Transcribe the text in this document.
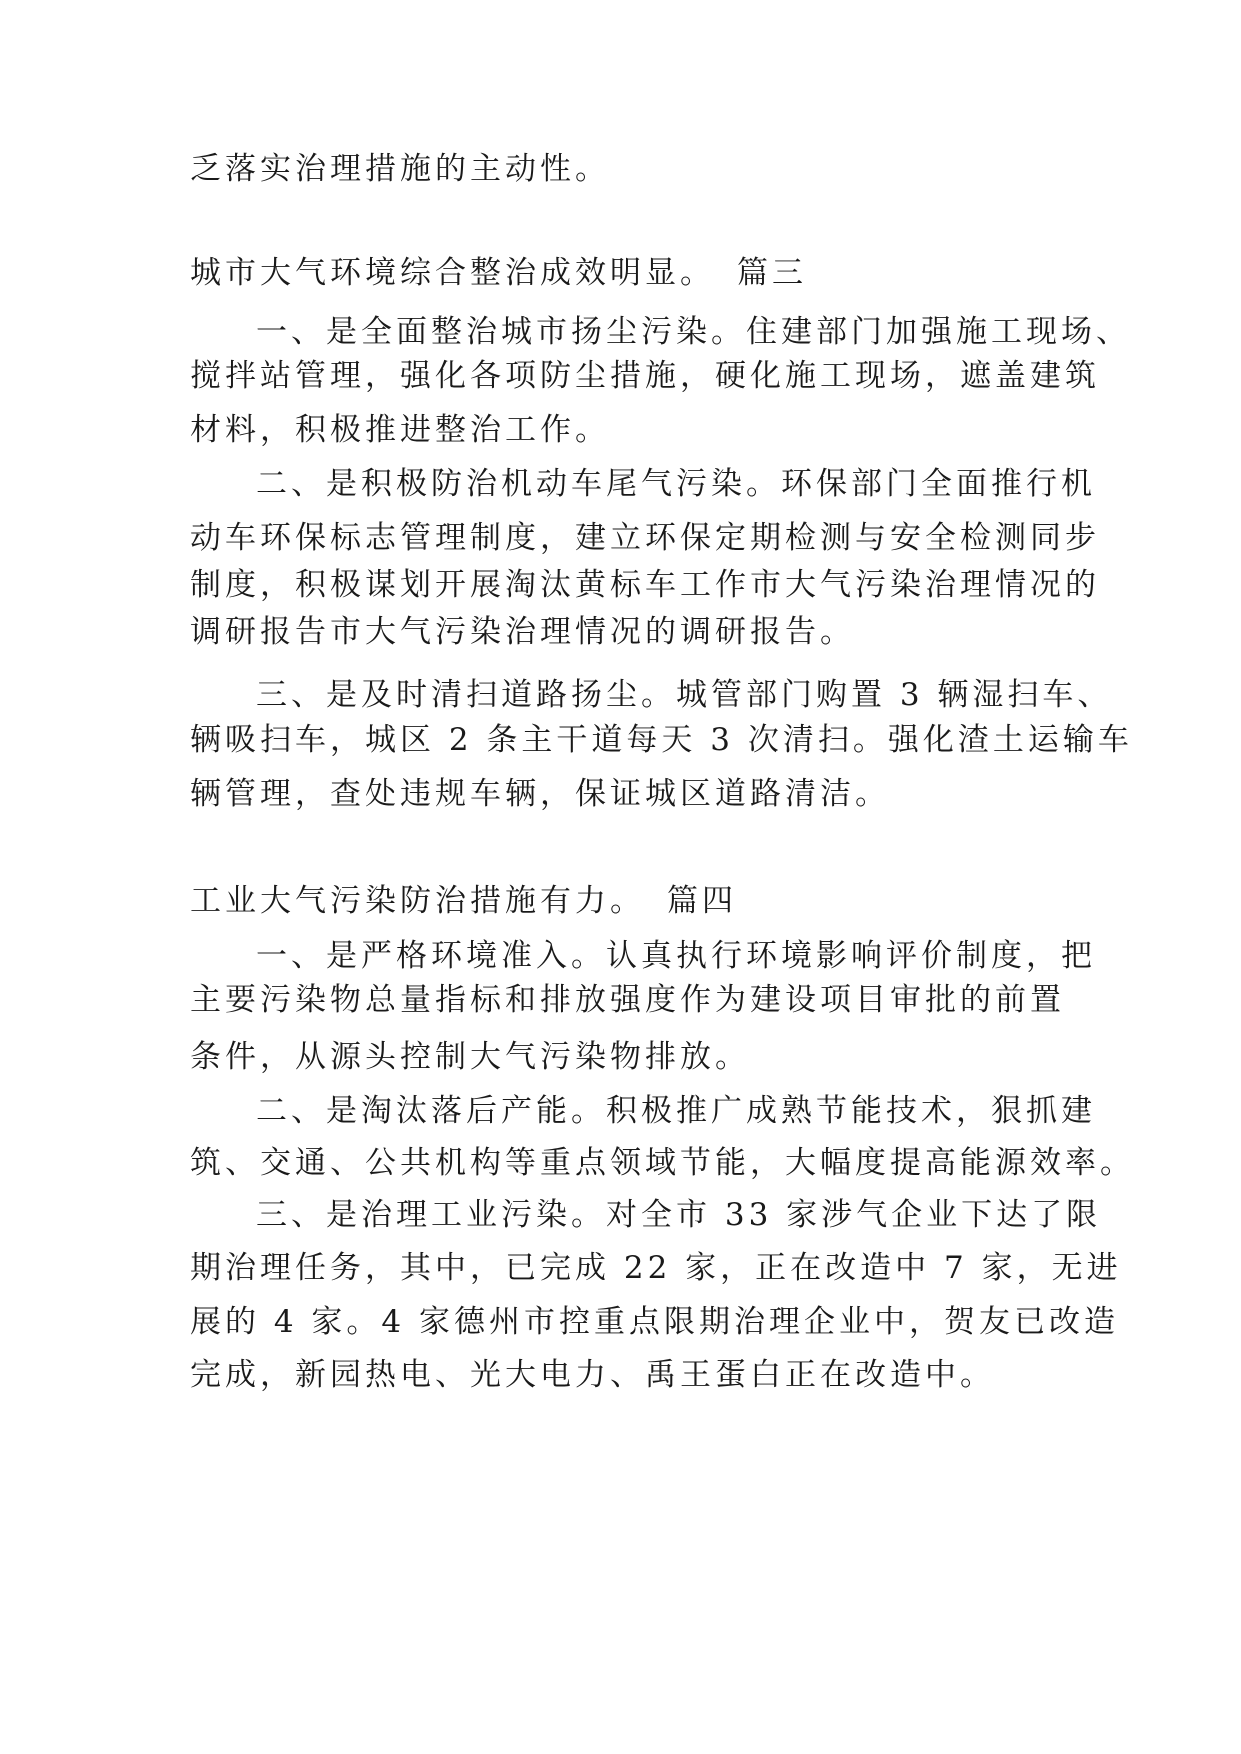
乏落实治理措施的主动性。
城市大气环境综合整治成效明显。 篇三
一、是全面整治城市扬尘污染。住建部门加强施工现场、
搅拌站管理，强化各项防尘措施，硬化施工现场，遮盖建筑
材料，积极推进整治工作。
二、是积极防治机动车尾气污染。环保部门全面推行机
动车环保标志管理制度，建立环保定期检测与安全检测同步
制度，积极谋划开展淘汰黄标车工作市大气污染治理情况的
调研报告市大气污染治理情况的调研报告。
三、是及时清扫道路扬尘。城管部门购置 3 辆湿扫车、
辆吸扫车，城区 2 条主干道每天 3 次清扫。强化渣土运输车
辆管理，查处违规车辆，保证城区道路清洁。
工业大气污染防治措施有力。 篇四
一、是严格环境准入。认真执行环境影响评价制度，把
主要污染物总量指标和排放强度作为建设项目审批的前置
条件，从源头控制大气污染物排放。
二、是淘汰落后产能。积极推广成熟节能技术，狠抓建
筑、交通、公共机构等重点领域节能，大幅度提高能源效率。
三、是治理工业污染。对全市 33 家涉气企业下达了限
期治理任务，其中，已完成 22 家，正在改造中 7 家，无进
展的 4 家。4 家德州市控重点限期治理企业中，贺友已改造
完成，新园热电、光大电力、禹王蛋白正在改造中。
